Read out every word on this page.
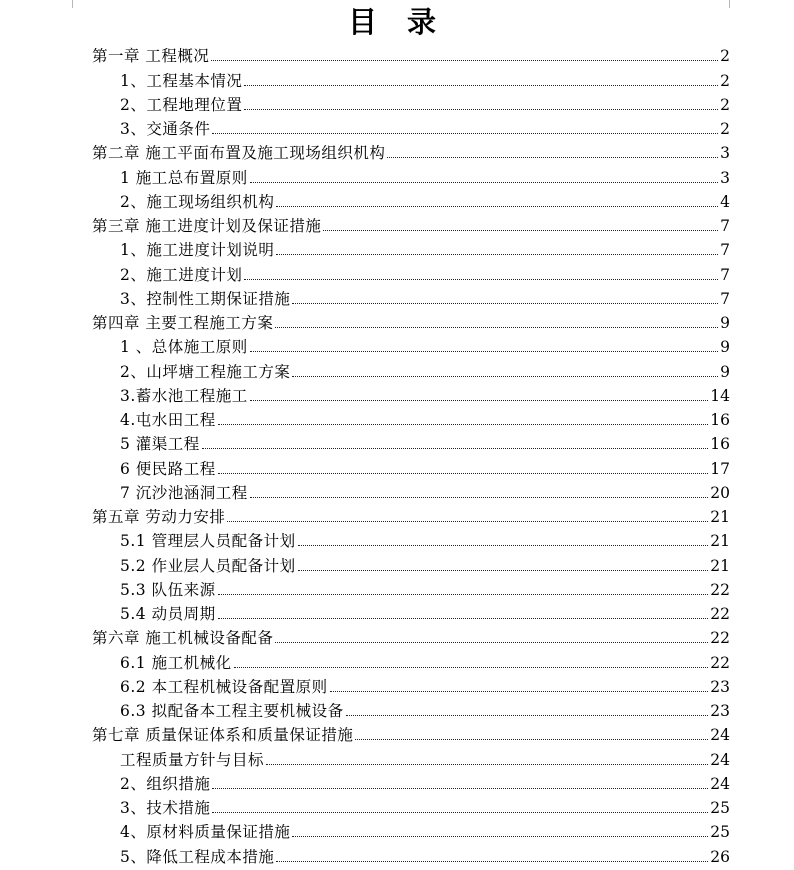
目 录
第一章 工程概况	2
1、工程基本情况	2
2、工程地理位置	2
3、交通条件	2
第二章 施工平面布置及施工现场组织机构	3
1 施工总布置原则	3
2、施工现场组织机构	4
第三章 施工进度计划及保证措施	7
1、施工进度计划说明	7
2、施工进度计划	7
3、控制性工期保证措施	7
第四章 主要工程施工方案	9
1 、总体施工原则	9
2、山坪塘工程施工方案	9
3.蓄水池工程施工	14
4.屯水田工程	16
5 灌渠工程	16
6 便民路工程	17
7 沉沙池涵洞工程	20
第五章 劳动力安排	21
5.1 管理层人员配备计划	21
5.2 作业层人员配备计划	21
5.3 队伍来源	22
5.4 动员周期	22
第六章 施工机械设备配备	22
6.1 施工机械化	22
6.2 本工程机械设备配置原则	23
6.3 拟配备本工程主要机械设备	23
第七章 质量保证体系和质量保证措施	24
工程质量方针与目标	24
2、组织措施	24
3、技术措施	25
4、原材料质量保证措施	25
5、降低工程成本措施	26
